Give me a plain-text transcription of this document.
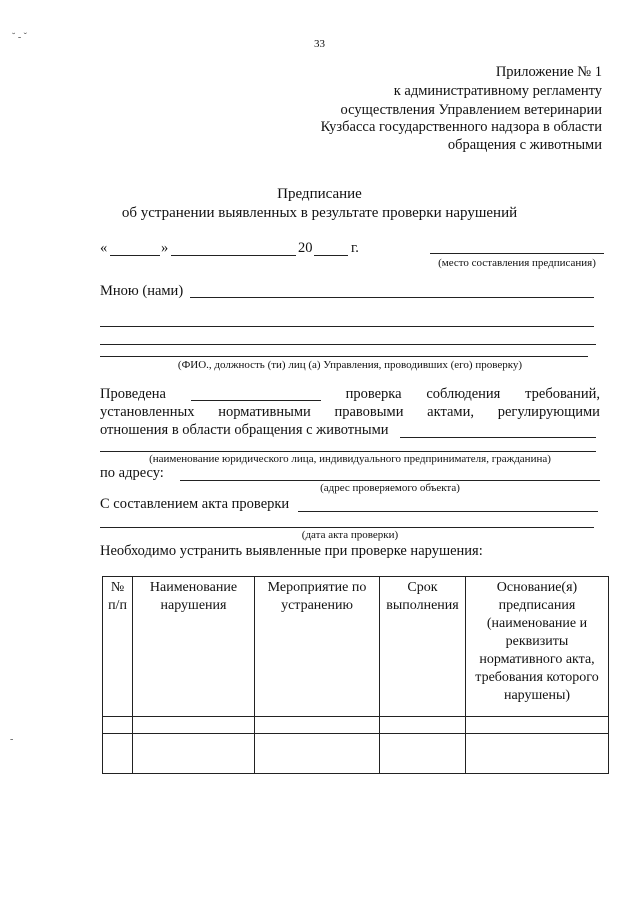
˘ ‐ ˇ
‐
33
Приложение № 1
к административному регламенту
осуществления Управлением ветеринарии
Кузбасса государственного надзора в области
обращения с животными
Предписание
об устранении выявленных в результате проверки нарушений
«	»	20	г.
(место составления предписания)
Мною (нами)
(ФИО., должность (ти) лиц (а) Управления, проводивших (его) проверку)
Проведена	проверка соблюдения требований,
установленных нормативными правовыми актами, регулирующими
отношения в области обращения с животными
(наименование юридического лица, индивидуального предпринимателя, гражданина)
по адресу:
(адрес проверяемого объекта)
С составлением акта проверки
(дата акта проверки)
Необходимо устранить выявленные при проверке нарушения:
№ п/п	Наименование нарушения	Мероприятие по устранению	Срок выполнения	Основание(я) предписания (наименование и реквизиты нормативного акта, требования которого нарушены)
